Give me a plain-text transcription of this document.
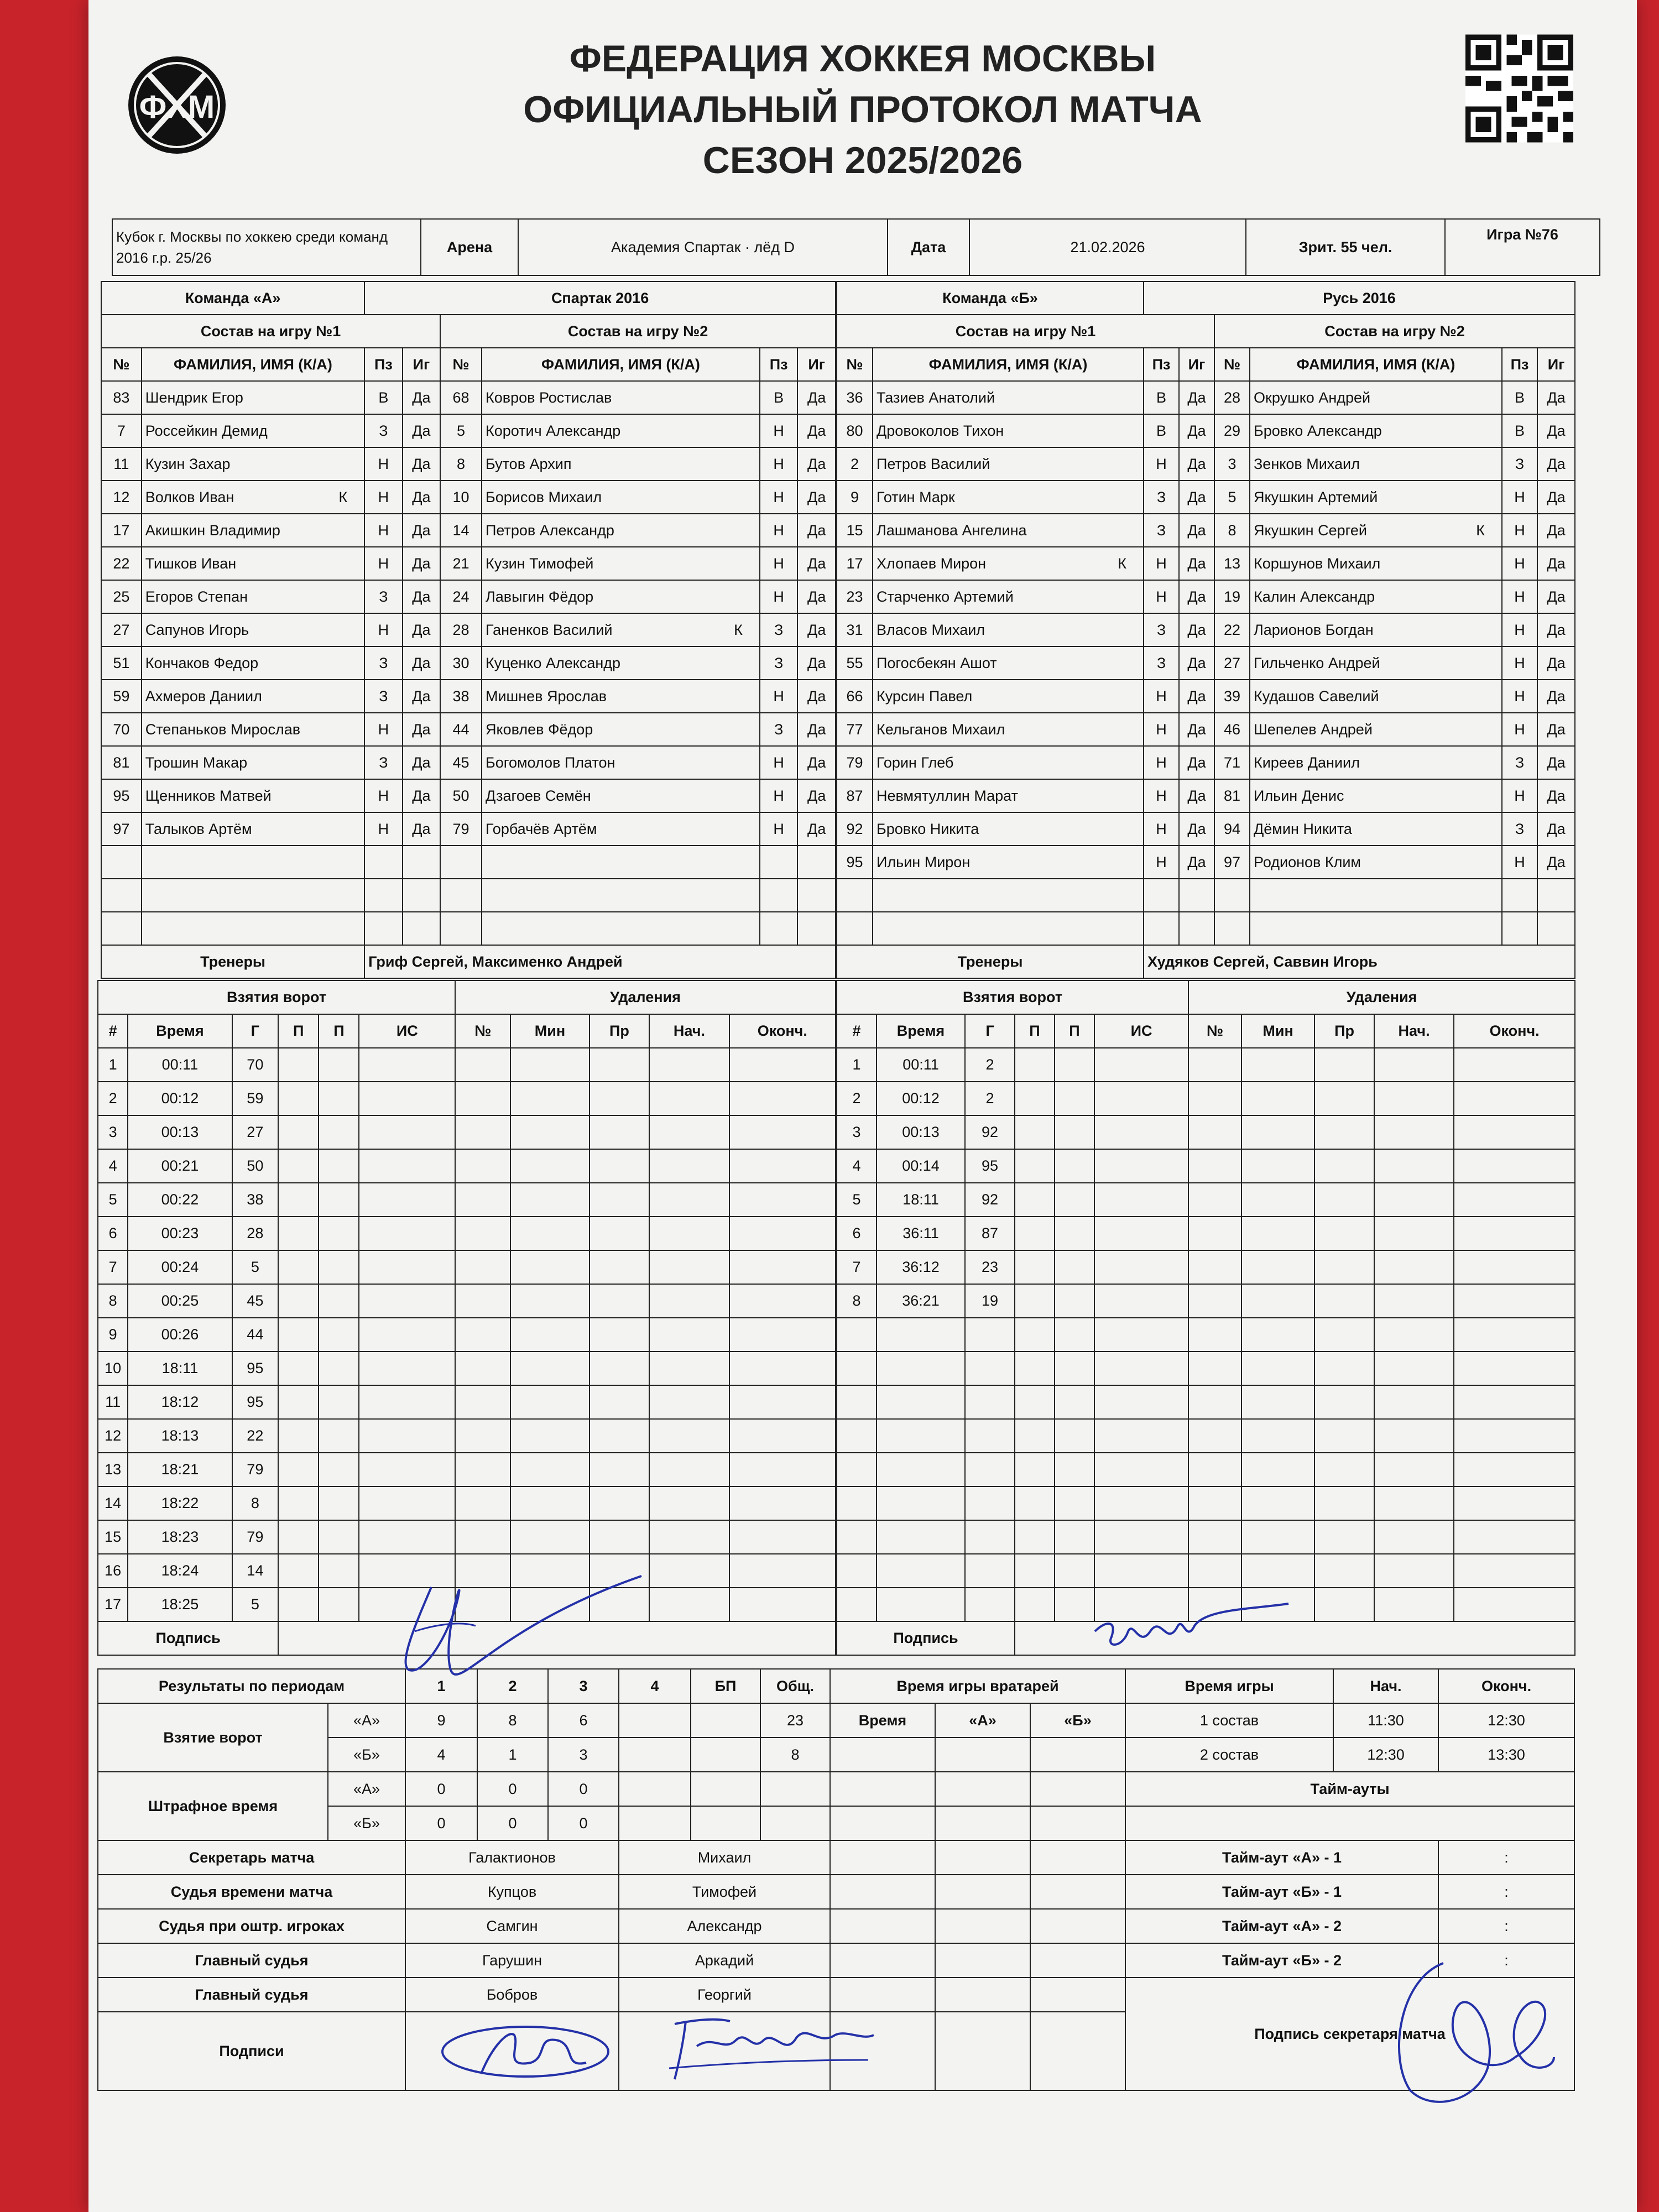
ФХМ
ФЕДЕРАЦИЯ ХОККЕЯ МОСКВЫ
ОФИЦИАЛЬНЫЙ ПРОТОКОЛ МАТЧА
СЕЗОН 2025/2026
Кубок г. Москвы по хоккею среди команд 2016 г.р. 25/26	Арена	Академия Спартак · лёд D	Дата	21.02.2026	Зрит. 55 чел.	Игра №76
Команда «А»		Спартак 2016					
Состав на игру №1				Состав на игру №2			
№	ФАМИЛИЯ, ИМЯ (К/А)	Пз	Иг	№	ФАМИЛИЯ, ИМЯ (К/А)	Пз	Иг
83	Шендрик Егор	В	Да	68	Ковров Ростислав	В	Да
7	Россейкин Демид	З	Да	5	Коротич Александр	Н	Да
11	Кузин Захар	Н	Да	8	Бутов Архип	Н	Да
12	Волков Иван К	Н	Да	10	Борисов Михаил	Н	Да
17	Акишкин Владимир	Н	Да	14	Петров Александр	Н	Да
22	Тишков Иван	Н	Да	21	Кузин Тимофей	Н	Да
25	Егоров Степан	З	Да	24	Лавыгин Фёдор	Н	Да
27	Сапунов Игорь	Н	Да	28	Ганенков Василий К	З	Да
51	Кончаков Федор	З	Да	30	Куценко Александр	З	Да
59	Ахмеров Даниил	З	Да	38	Мишнев Ярослав	Н	Да
70	Степаньков Мирослав	Н	Да	44	Яковлев Фёдор	З	Да
81	Трошин Макар	З	Да	45	Богомолов Платон	Н	Да
95	Щенников Матвей	Н	Да	50	Дзагоев Семён	Н	Да
97	Талыков Артём	Н	Да	79	Горбачёв Артём	Н	Да

Тренеры		Гриф Сергей, Максименко Андрей					
Команда «Б»		Русь 2016					
Состав на игру №1				Состав на игру №2			
№	ФАМИЛИЯ, ИМЯ (К/А)	Пз	Иг	№	ФАМИЛИЯ, ИМЯ (К/А)	Пз	Иг
36	Тазиев Анатолий	В	Да	28	Окрушко Андрей	В	Да
80	Дровоколов Тихон	В	Да	29	Бровко Александр	В	Да
2	Петров Василий	Н	Да	3	Зенков Михаил	З	Да
9	Готин Марк	З	Да	5	Якушкин Артемий	Н	Да
15	Лашманова Ангелина	З	Да	8	Якушкин Сергей К	Н	Да
17	Хлопаев Мирон К	Н	Да	13	Коршунов Михаил	Н	Да
23	Старченко Артемий	Н	Да	19	Калин Александр	Н	Да
31	Власов Михаил	З	Да	22	Ларионов Богдан	Н	Да
55	Погосбекян Ашот	З	Да	27	Гильченко Андрей	Н	Да
66	Курсин Павел	Н	Да	39	Кудашов Савелий	Н	Да
77	Кельганов Михаил	Н	Да	46	Шепелев Андрей	Н	Да
79	Горин Глеб	Н	Да	71	Киреев Даниил	З	Да
87	Невмятуллин Марат	Н	Да	81	Ильин Денис	Н	Да
92	Бровко Никита	Н	Да	94	Дёмин Никита	З	Да
95	Ильин Мирон	Н	Да	97	Родионов Клим	Н	Да

Тренеры		Худяков Сергей, Саввин Игорь					
Взятия ворот						Удаления				
#	Время	Г	П	П	ИС	№	Мин	Пр	Нач.	Оконч.
1	00:11	70								
2	00:12	59								
3	00:13	27								
4	00:21	50								
5	00:22	38								
6	00:23	28								
7	00:24	5								
8	00:25	45								
9	00:26	44								
10	18:11	95								
11	18:12	95								
12	18:13	22								
13	18:21	79								
14	18:22	8								
15	18:23	79								
16	18:24	14								
17	18:25	5								
Подпись										
Взятия ворот						Удаления				
#	Время	Г	П	П	ИС	№	Мин	Пр	Нач.	Оконч.
1	00:11	2								
2	00:12	2								
3	00:13	92								
4	00:14	95								
5	18:11	92								
6	36:11	87								
7	36:12	23								
8	36:21	19								

Подпись										
Результаты по периодам		1	2	3	4	БП	Общ.	Время игры вратарей			Время игры	Нач.	Оконч.
Взятие ворот	«А»	9	8	6			23	Время	«А»	«Б»	1 состав	11:30	12:30
	«Б»	4	1	3			8				2 состав	12:30	13:30
Штрафное время	«А»	0	0	0							Тайм-ауты		
	«Б»	0	0	0									
Секретарь матча		Галактионов			Михаил						Тайм-аут «А» - 1		:
Судья времени матча		Купцов			Тимофей						Тайм-аут «Б» - 1		:
Судья при оштр. игроках		Самгин			Александр						Тайм-аут «А» - 2		:
Главный судья		Гарушин			Аркадий						Тайм-аут «Б» - 2		:
Главный судья		Бобров			Георгий						Подпись секретаря матча		
Подписи													
